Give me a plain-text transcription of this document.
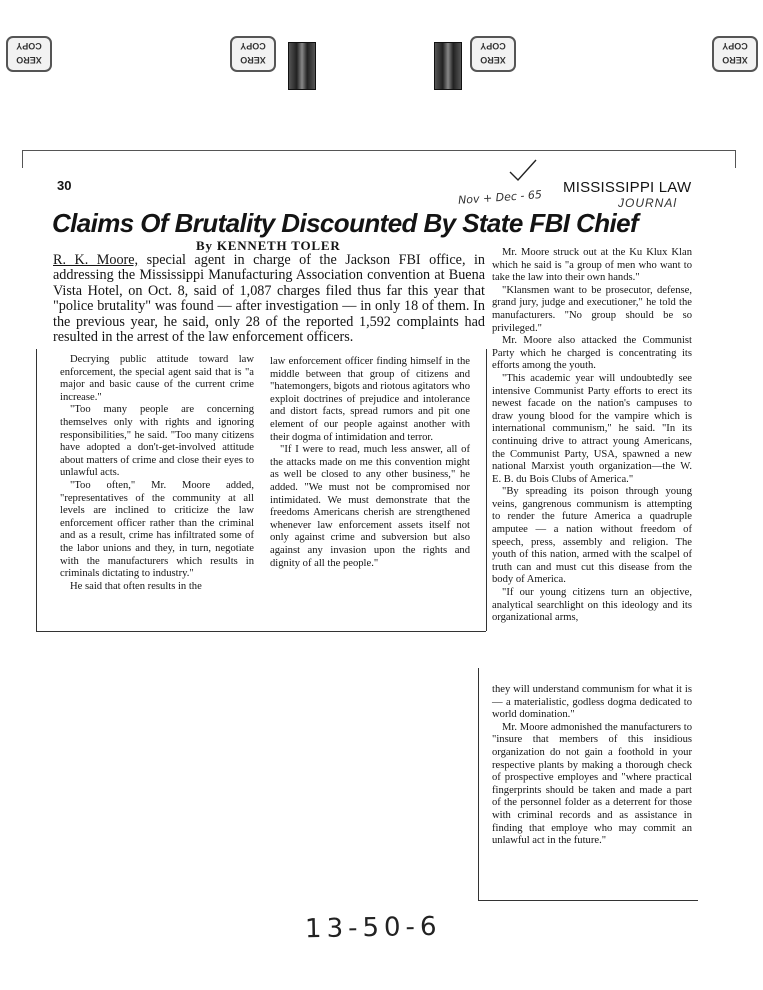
XERO COPY
XERO COPY
XERO COPY
XERO COPY
30
Nov + Dec - 65
MISSISSIPPI LAW
JOURNAl
Claims Of Brutality Discounted By State FBI Chief
By KENNETH TOLER
R. K. Moore, special agent in charge of the Jackson FBI office, in addressing the Mississippi Manufacturing Association convention at Buena Vista Hotel, on Oct. 8, said of 1,087 charges filed thus far this year that "police brutality" was found — after investigation — in only 18 of them. In the previous year, he said, only 28 of the reported 1,592 complaints had resulted in the arrest of the law enforcement officers.

Decrying public attitude toward law enforcement, the special agent said that is "a major and basic cause of the current crime increase."

"Too many people are concerning themselves only with rights and ignoring responsibilities," he said. "Too many citizens have adopted a don't-get-involved attitude about matters of crime and close their eyes to unlawful acts.

"Too often," Mr. Moore added, "representatives of the community at all levels are inclined to criticize the law enforcement officer rather than the criminal and as a result, crime has infiltrated some of the labor unions and they, in turn, negotiate with the manufacturers which results in criminals dictating to industry."

He said that often results in the

law enforcement officer finding himself in the middle between that group of citizens and "hatemongers, bigots and riotous agitators who exploit doctrines of prejudice and intolerance and distort facts, spread rumors and pit one element of our people against another with their dogma of intimidation and terror.

"If I were to read, much less answer, all of the attacks made on me this convention might as well be closed to any other business," he added. "We must not be compromised nor intimidated. We must demonstrate that the freedoms Americans cherish are strengthened whenever law enforcement assets itself not only against crime and subversion but also against any invasion upon the rights and dignity of all the people."

Mr. Moore struck out at the Ku Klux Klan which he said is "a group of men who want to take the law into their own hands."

"Klansmen want to be prosecutor, defense, grand jury, judge and executioner," he told the manufacturers. "No group should be so privileged."

Mr. Moore also attacked the Communist Party which he charged is concentrating its efforts among the youth.

"This academic year will undoubtedly see intensive Communist Party efforts to erect its newest facade on the nation's campuses to draw young blood for the vampire which is international communism," he said. "In its continuing drive to attract young Americans, the Communist Party, USA, spawned a new national Marxist youth organization—the W. E. B. du Bois Clubs of America."

"By spreading its poison through young veins, gangrenous communism is attempting to render the future America a quadruple amputee — a nation without freedom of speech, press, assembly and religion. The youth of this nation, armed with the scalpel of truth can and must cut this disease from the body of America.

"If our young citizens turn an objective, analytical searchlight on this ideology and its organizational arms,

they will understand communism for what it is — a materialistic, godless dogma dedicated to world domination."

Mr. Moore admonished the manufacturers to "insure that members of this insidious organization do not gain a foothold in your respective plants by making a thorough check of prospective employes and "where practical fingerprints should be taken and made a part of the personnel folder as a deterrent for those with criminal records and as assistance in finding that employe who may commit an unlawful act in the future."

13-50-6
